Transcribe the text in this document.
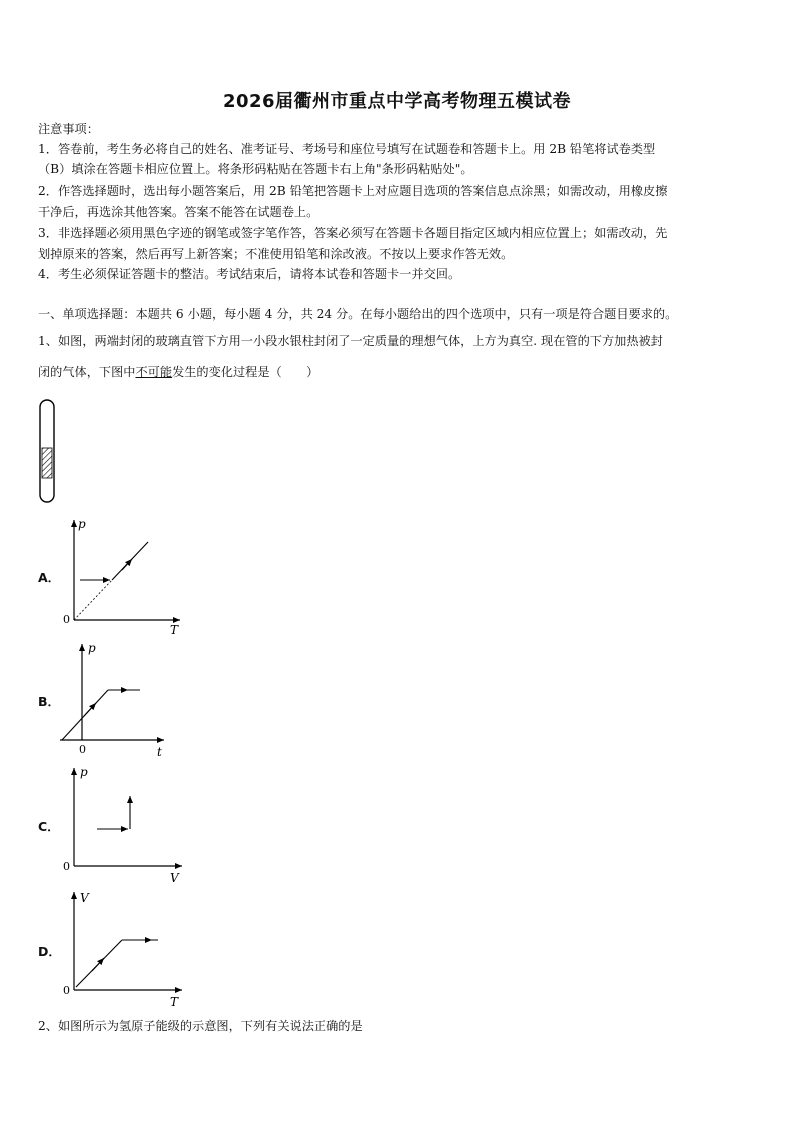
2026届衢州市重点中学高考物理五模试卷
注意事项：
1．答卷前，考生务必将自己的姓名、准考证号、考场号和座位号填写在试题卷和答题卡上。用 2B 铅笔将试卷类型
（B）填涂在答题卡相应位置上。将条形码粘贴在答题卡右上角"条形码粘贴处"。
2．作答选择题时，选出每小题答案后，用 2B 铅笔把答题卡上对应题目选项的答案信息点涂黑；如需改动，用橡皮擦
干净后，再选涂其他答案。答案不能答在试题卷上。
3．非选择题必须用黑色字迹的钢笔或签字笔作答，答案必须写在答题卡各题目指定区域内相应位置上；如需改动，先
划掉原来的答案，然后再写上新答案；不准使用铅笔和涂改液。不按以上要求作答无效。
4．考生必须保证答题卡的整洁。考试结束后，请将本试卷和答题卡一并交回。
一、单项选择题：本题共 6 小题，每小题 4 分，共 24 分。在每小题给出的四个选项中，只有一项是符合题目要求的。
1、如图，两端封闭的玻璃直管下方用一小段水银柱封闭了一定质量的理想气体，上方为真空. 现在管的下方加热被封
闭的气体，下图中不可能发生的变化过程是（　　）
A．
p
T
0
B．
p
t
0
C．
p
V
0
D．
V
T
0
2、如图所示为氢原子能级的示意图，下列有关说法正确的是
